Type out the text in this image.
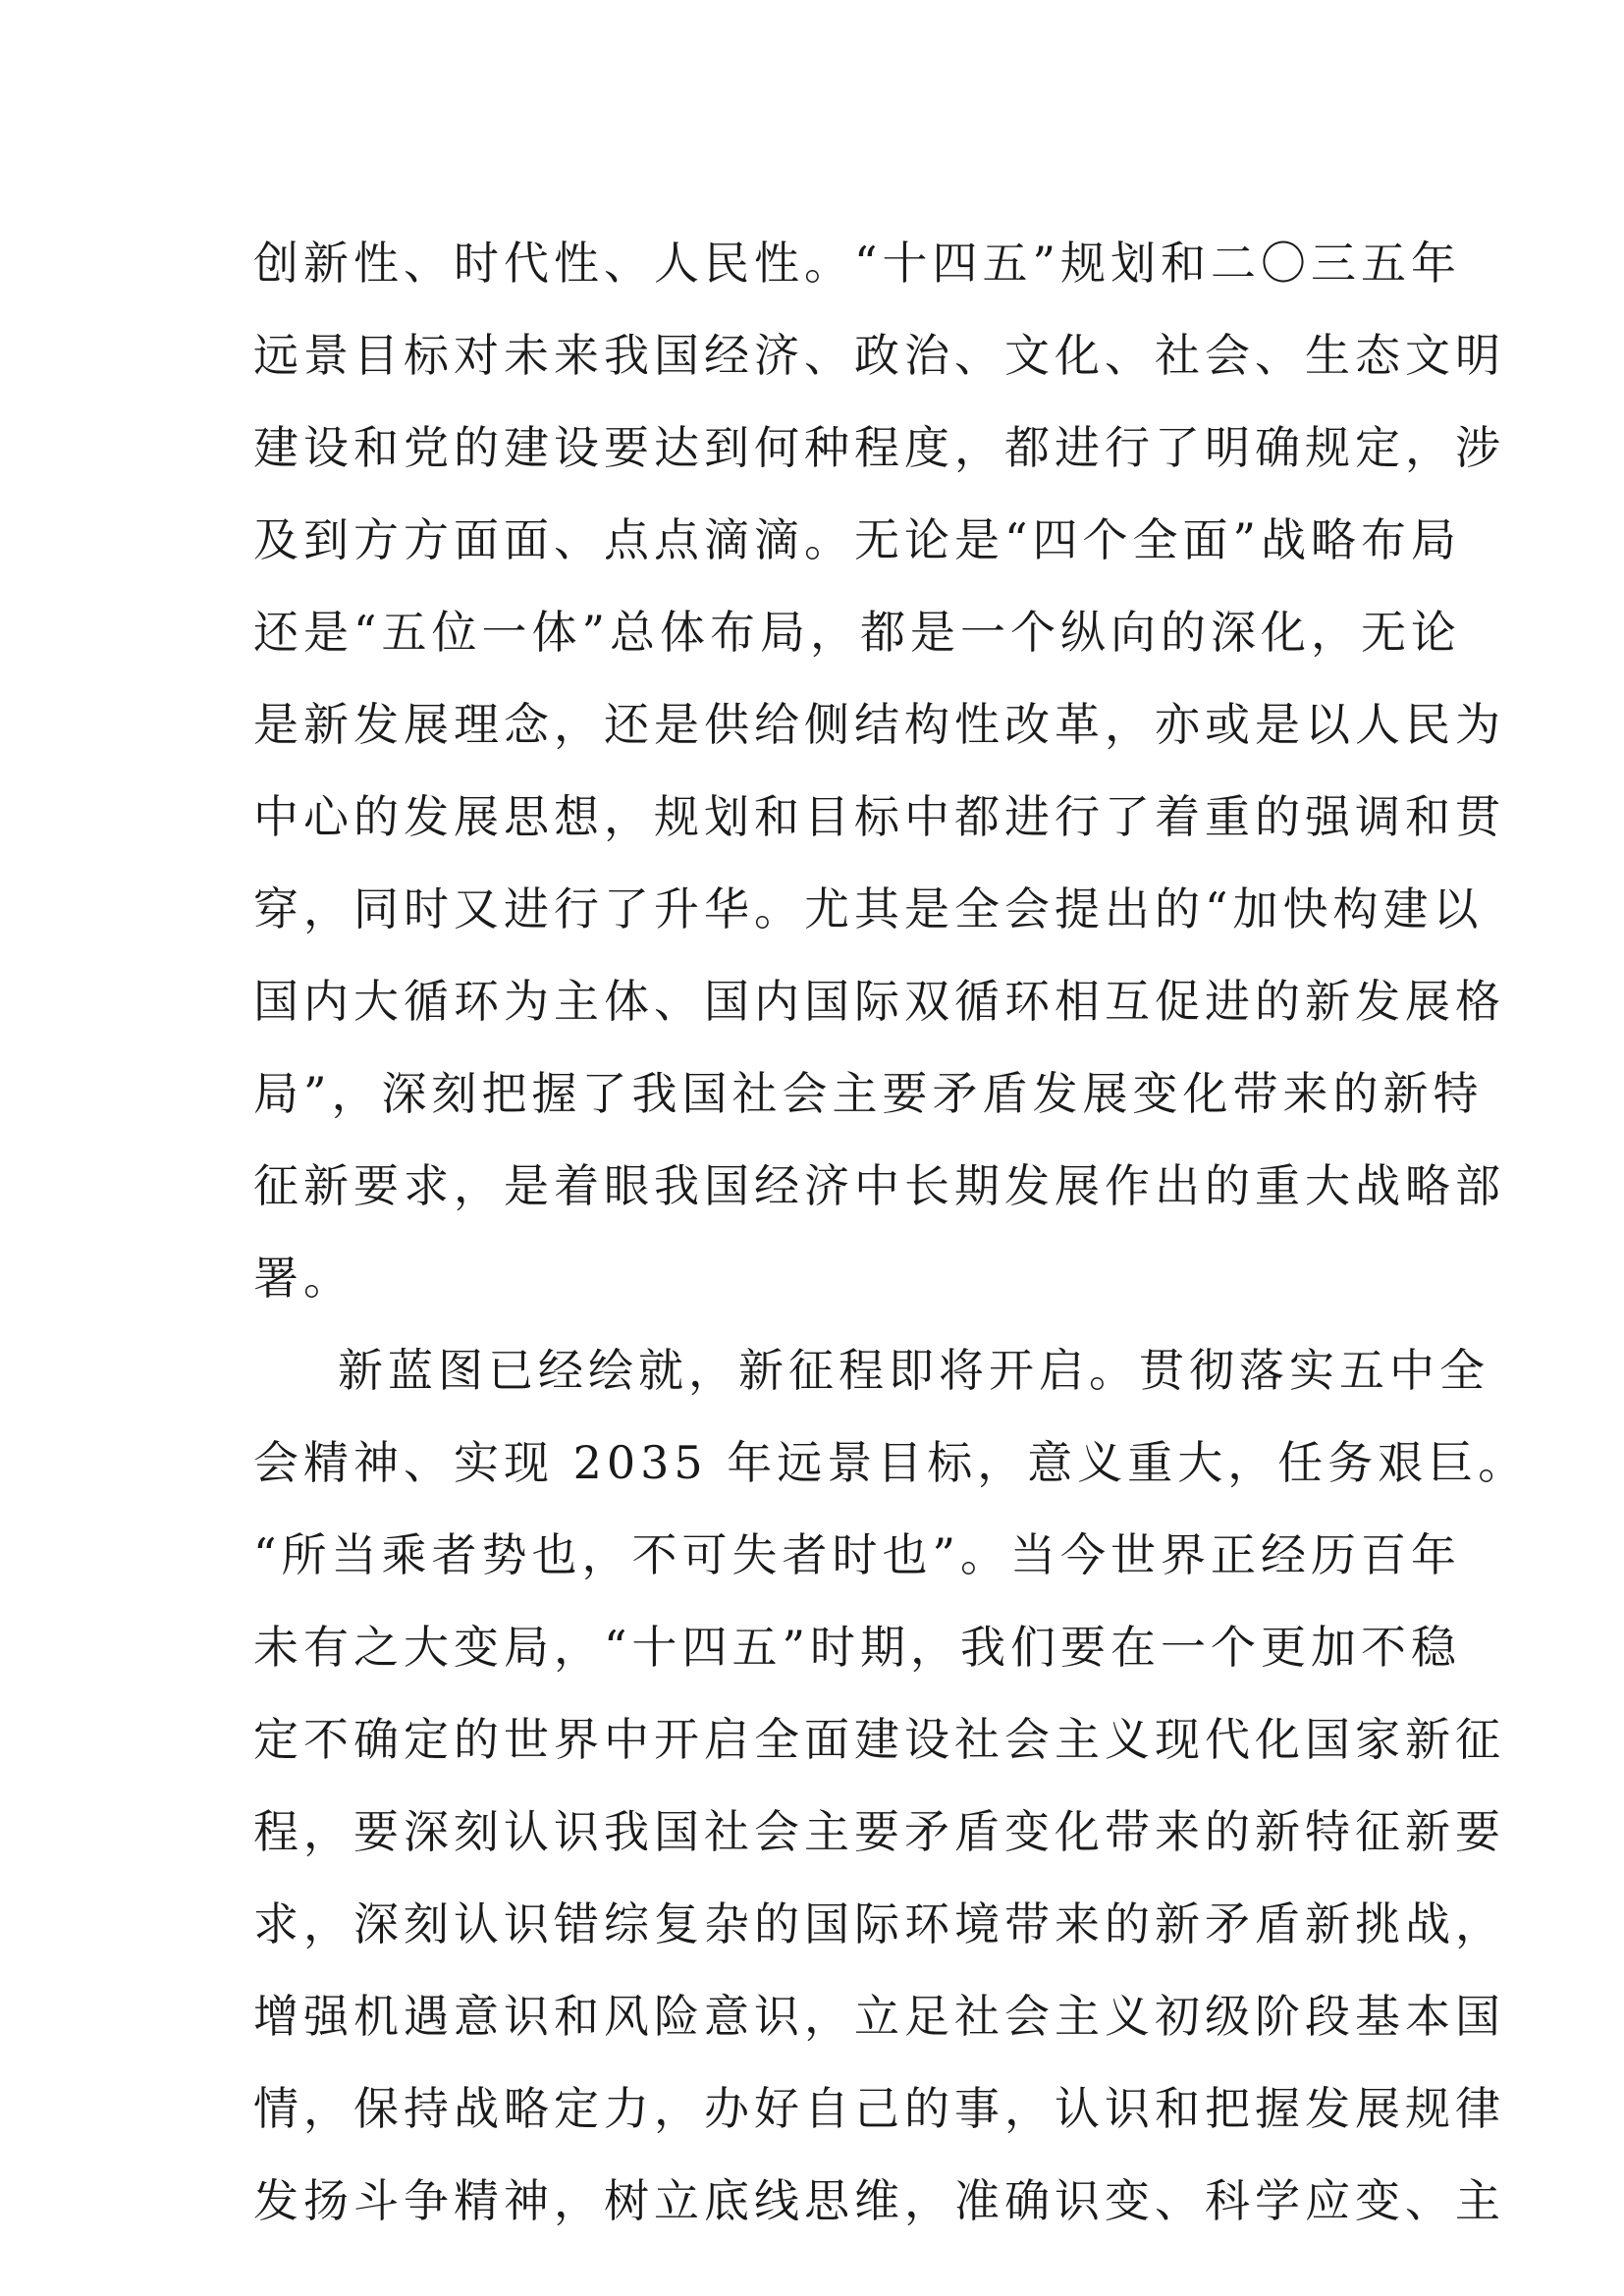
创新性、时代性、人民性。“十四五”规划和二〇三五年
远景目标对未来我国经济、政治、文化、社会、生态文明
建设和党的建设要达到何种程度，都进行了明确规定，涉
及到方方面面、点点滴滴。无论是“四个全面”战略布局
还是“五位一体”总体布局，都是一个纵向的深化，无论
是新发展理念，还是供给侧结构性改革，亦或是以人民为
中心的发展思想，规划和目标中都进行了着重的强调和贯
穿，同时又进行了升华。尤其是全会提出的“加快构建以
国内大循环为主体、国内国际双循环相互促进的新发展格
局”，深刻把握了我国社会主要矛盾发展变化带来的新特
征新要求，是着眼我国经济中长期发展作出的重大战略部
署。
新蓝图已经绘就，新征程即将开启。贯彻落实五中全
会精神、实现 2035 年远景目标，意义重大，任务艰巨。
“所当乘者势也，不可失者时也”。当今世界正经历百年
未有之大变局，“十四五”时期，我们要在一个更加不稳
定不确定的世界中开启全面建设社会主义现代化国家新征
程，要深刻认识我国社会主要矛盾变化带来的新特征新要
求，深刻认识错综复杂的国际环境带来的新矛盾新挑战，
增强机遇意识和风险意识，立足社会主义初级阶段基本国
情，保持战略定力，办好自己的事，认识和把握发展规律
发扬斗争精神，树立底线思维，准确识变、科学应变、主
